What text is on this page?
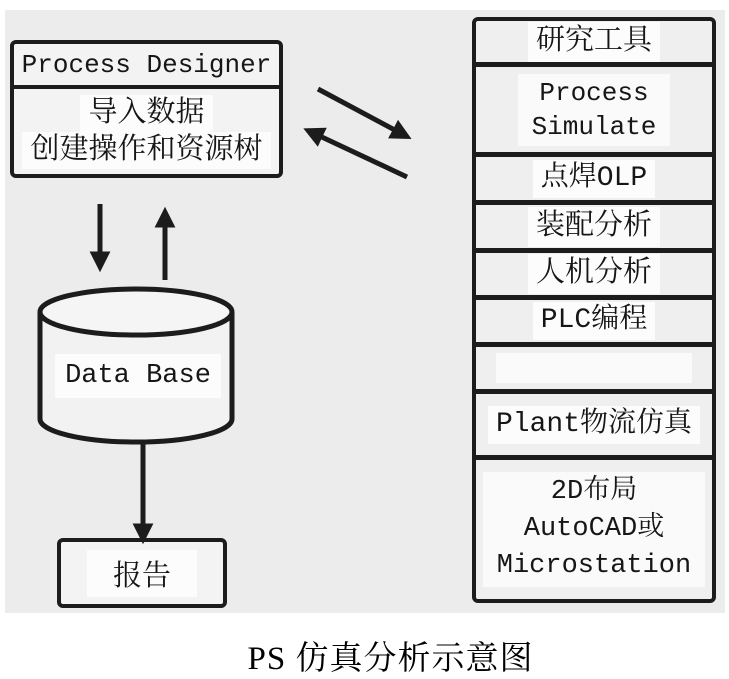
Process Designer
导入数据
创建操作和资源树
Data Base
报告
研究工具
Process
Simulate
点焊OLP
装配分析
人机分析
PLC编程
Plant物流仿真
2D布局
AutoCAD或
Microstation
PS 仿真分析示意图
